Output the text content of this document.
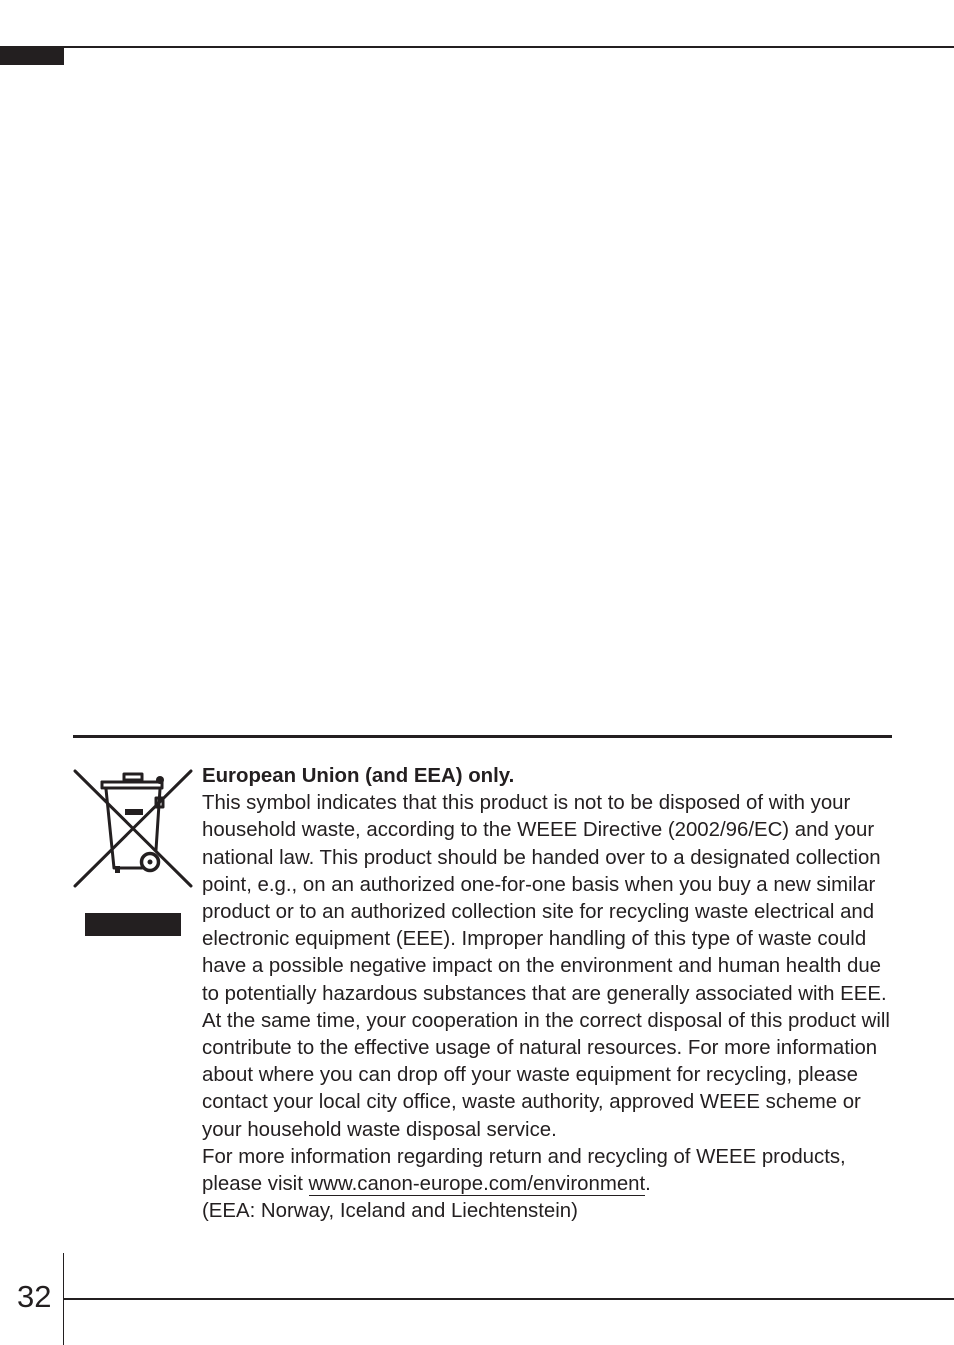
European Union (and EEA) only.

This symbol indicates that this product is not to be disposed of with your household waste, according to the WEEE Directive (2002/96/EC) and your national law. This product should be handed over to a designated collection point, e.g., on an authorized one-for-one basis when you buy a new similar product or to an authorized collection site for recycling waste electrical and electronic equipment (EEE). Improper handling of this type of waste could have a possible negative impact on the environment and human health due to potentially hazardous substances that are generally associated with EEE. At the same time, your cooperation in the correct disposal of this product will contribute to the effective usage of natural resources. For more information about where you can drop off your waste equipment for recycling, please contact your local city office, waste authority, approved WEEE scheme or your household waste disposal service.

For more information regarding return and recycling of WEEE products, please visit www.canon-europe.com/environment.

(EEA: Norway, Iceland and Liechtenstein)

32
